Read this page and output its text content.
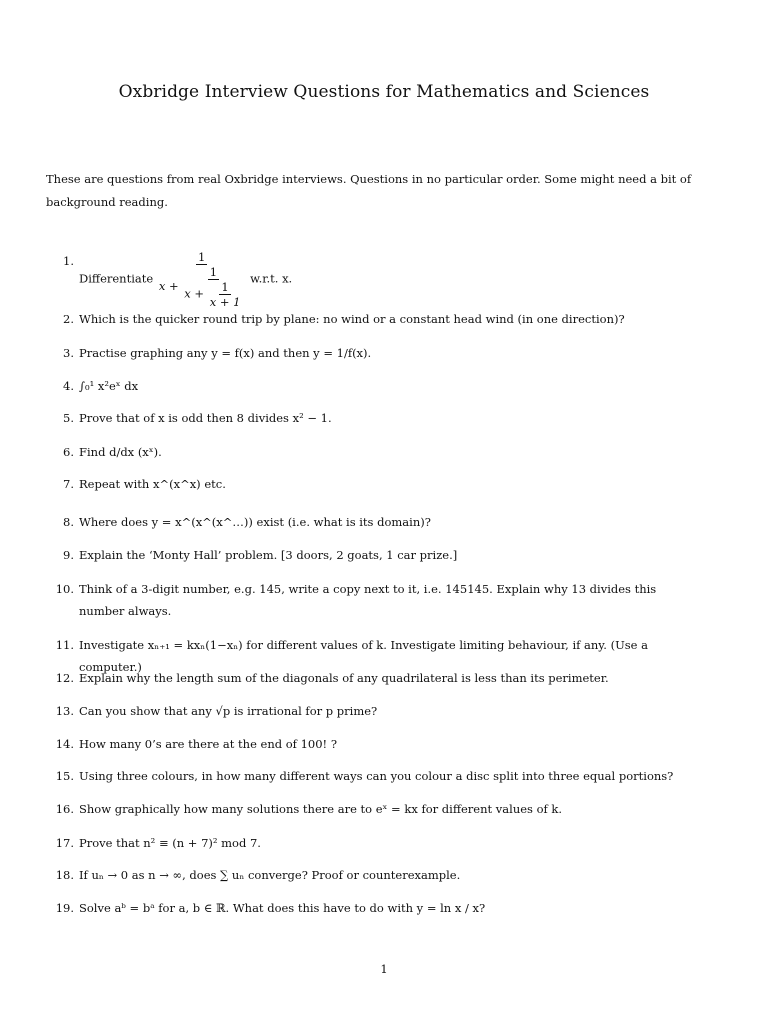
Oxbridge Interview Questions for Mathematics and Sciences
These are questions from real Oxbridge interviews. Questions in no particular order. Some might need a bit of background reading.
1.
Differentiate $\frac{1}{x + \frac{1}{x + \frac{1}{x + 1}}} w.r.t$. x.
2. Which is the quicker round trip by plane: no wind or a constant head wind (in one direction)?
3. Practise graphing any y = f(x) and then y = 1/f(x).
4. ∫₀¹ x²eˣ dx
5. Prove that of x is odd then 8 divides x² − 1.
6. Find d/dx (xˣ).
7. Repeat with x^(x^x) etc.
8. Where does y = x^(x^(x^…)) exist (i.e. what is its domain)?
9. Explain the ‘Monty Hall’ problem. [3 doors, 2 goats, 1 car prize.]
10. Think of a 3-digit number, e.g. 145, write a copy next to it, i.e. 145145. Explain why 13 divides this number always.
11. Investigate xₙ₊₁ = kxₙ(1−xₙ) for different values of k. Investigate limiting behaviour, if any. (Use a computer.)
12. Explain why the length sum of the diagonals of any quadrilateral is less than its perimeter.
13. Can you show that any √p is irrational for p prime?
14. How many 0’s are there at the end of 100! ?
15. Using three colours, in how many different ways can you colour a disc split into three equal portions?
16. Show graphically how many solutions there are to eˣ = kx for different values of k.
17. Prove that n² ≡ (n + 7)² mod 7.
18. If uₙ → 0 as n → ∞, does ∑ uₙ converge? Proof or counterexample.
19. Solve aᵇ = bᵃ for a, b ∈ ℝ. What does this have to do with y = ln x / x?
1
